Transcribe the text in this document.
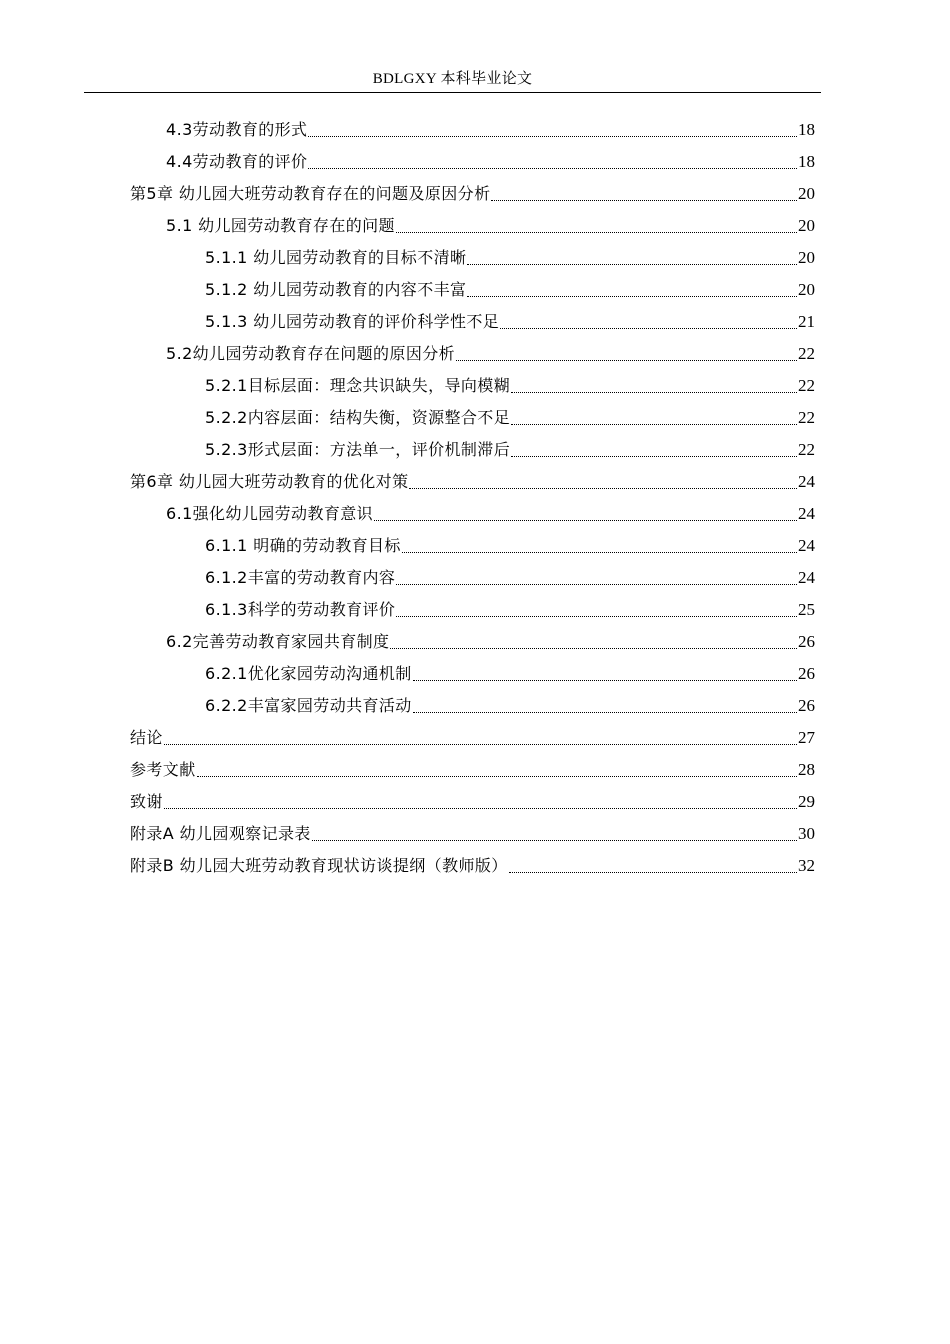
BDLGXY 本科毕业论文
4.3劳动教育的形式	18
4.4劳动教育的评价	18
第5章 幼儿园大班劳动教育存在的问题及原因分析	20
5.1 幼儿园劳动教育存在的问题	20
5.1.1 幼儿园劳动教育的目标不清晰	20
5.1.2 幼儿园劳动教育的内容不丰富	20
5.1.3 幼儿园劳动教育的评价科学性不足	21
5.2幼儿园劳动教育存在问题的原因分析	22
5.2.1目标层面：理念共识缺失，导向模糊	22
5.2.2内容层面：结构失衡，资源整合不足	22
5.2.3形式层面：方法单一，评价机制滞后	22
第6章 幼儿园大班劳动教育的优化对策	24
6.1强化幼儿园劳动教育意识	24
6.1.1 明确的劳动教育目标	24
6.1.2丰富的劳动教育内容	24
6.1.3科学的劳动教育评价	25
6.2完善劳动教育家园共育制度	26
6.2.1优化家园劳动沟通机制	26
6.2.2丰富家园劳动共育活动	26
结论	27
参考文献	28
致谢	29
附录A 幼儿园观察记录表	30
附录B 幼儿园大班劳动教育现状访谈提纲（教师版）	32
